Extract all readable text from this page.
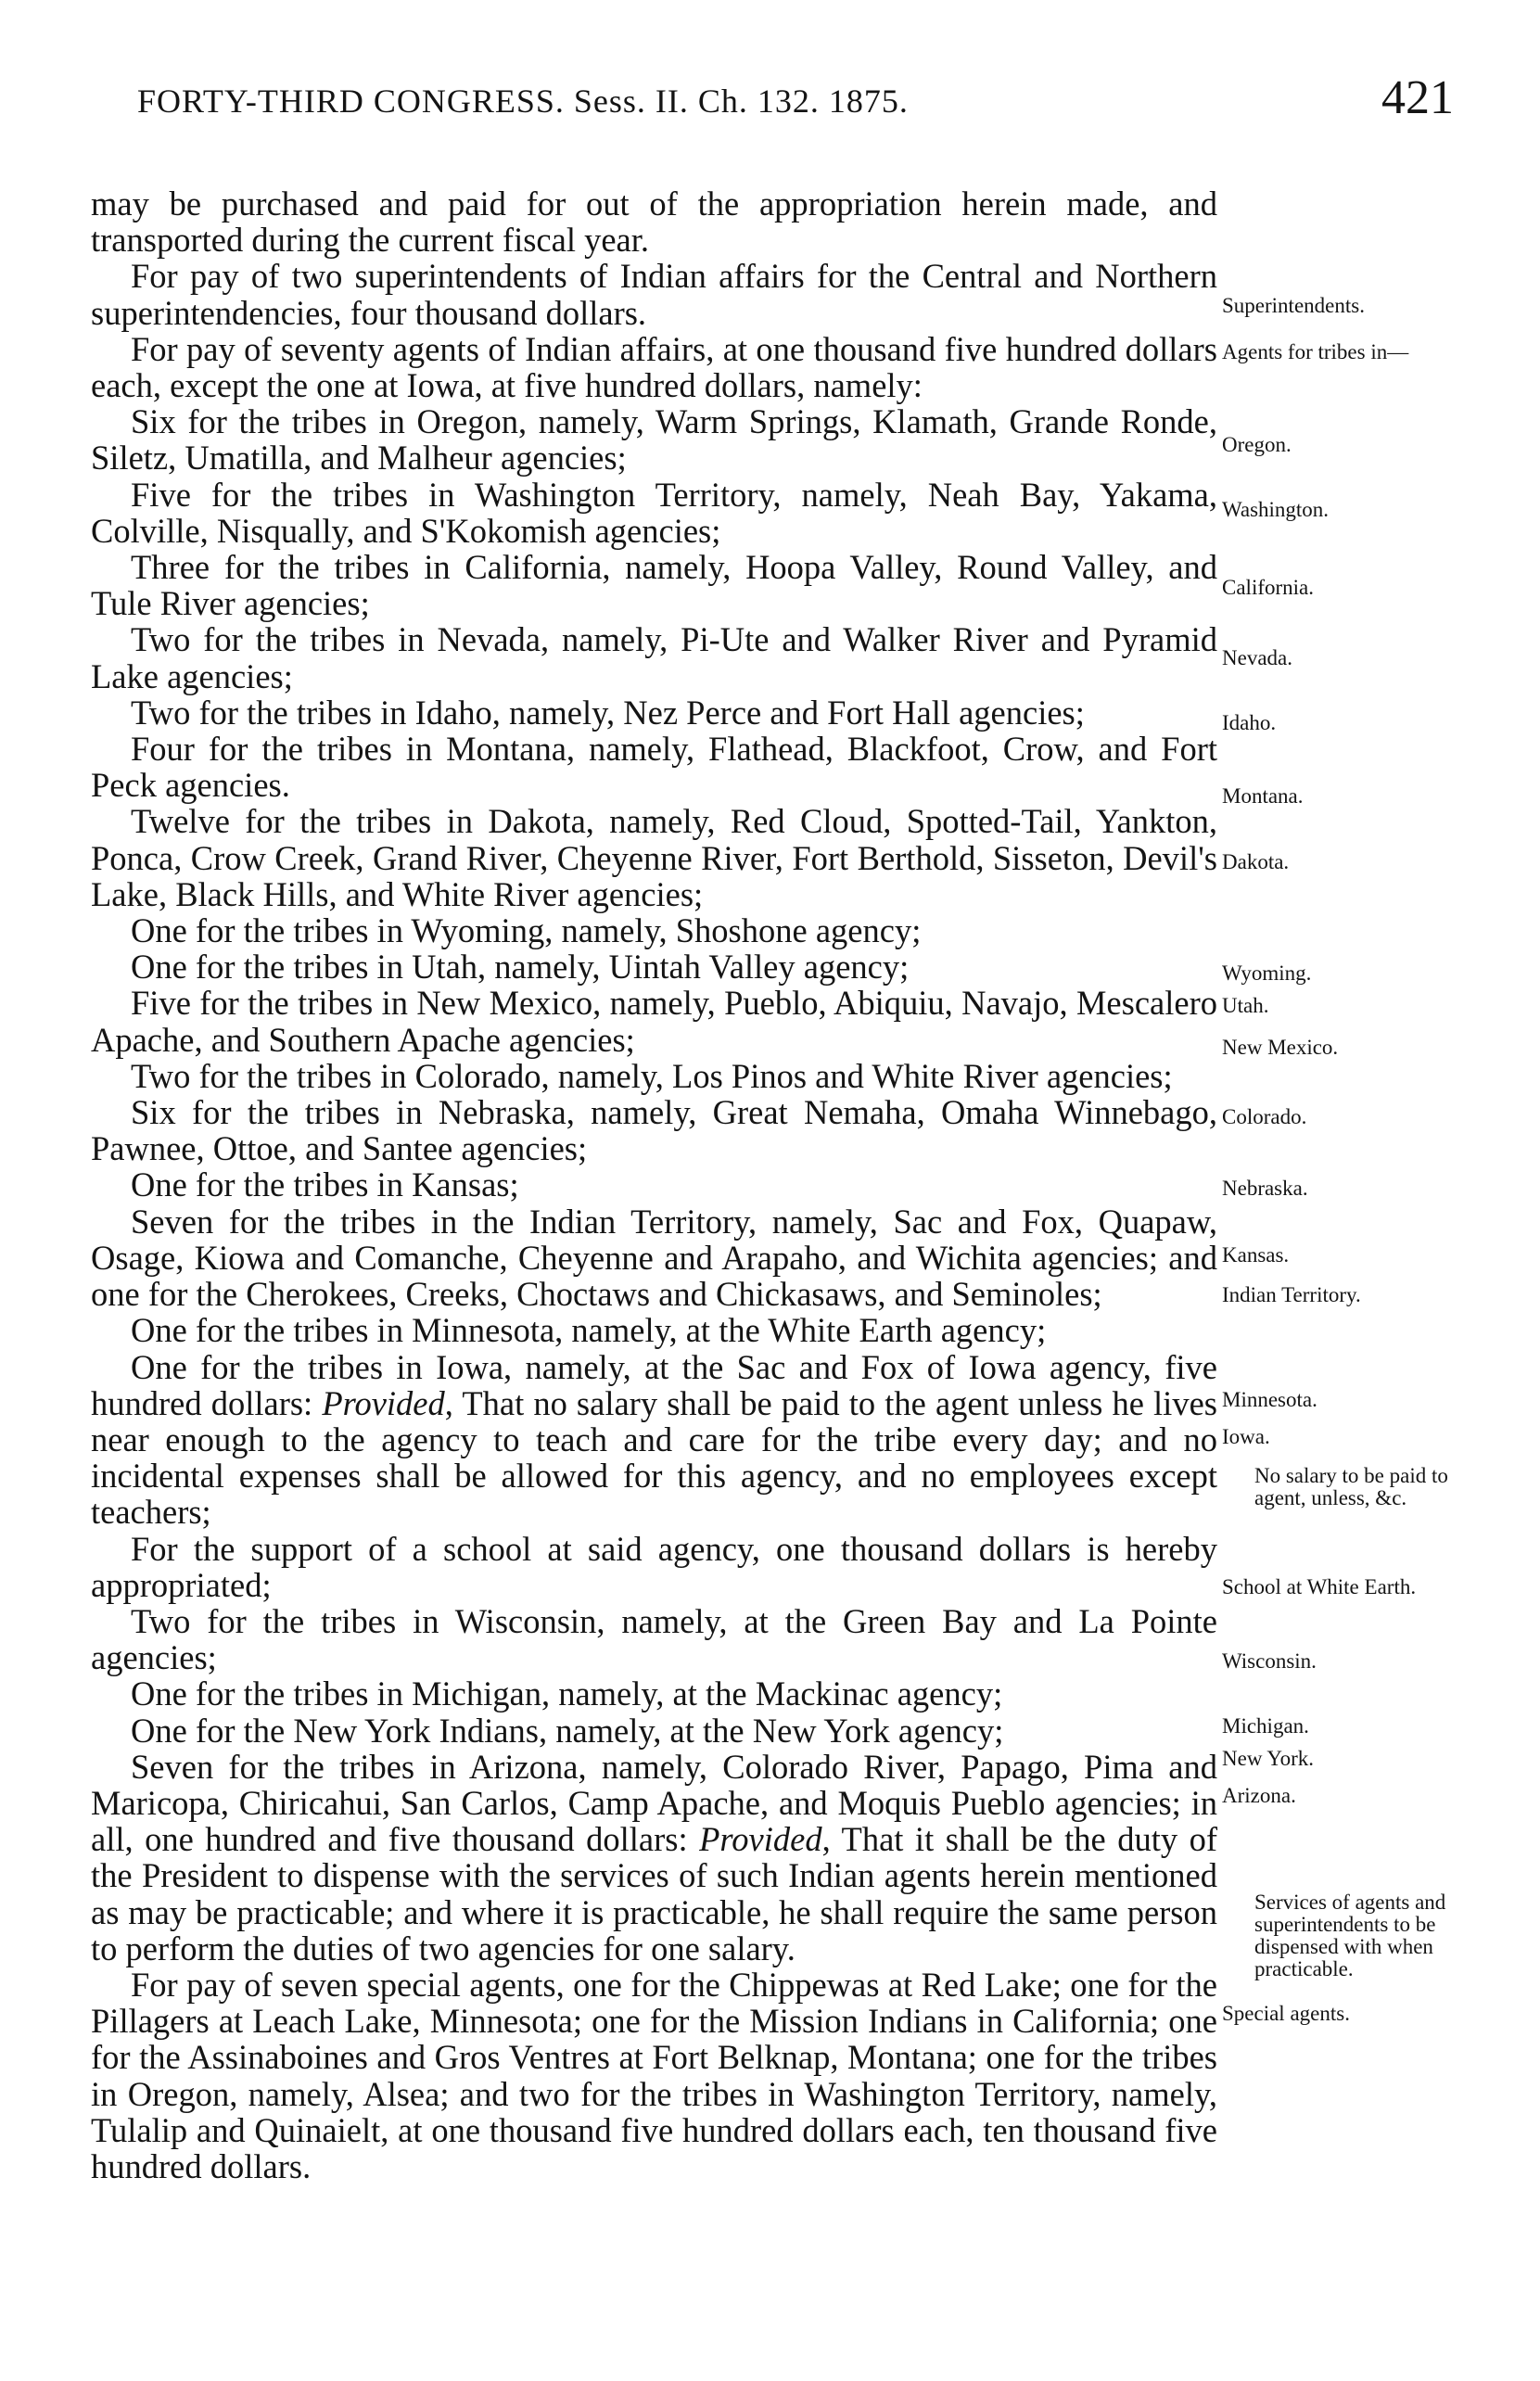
FORTY-THIRD CONGRESS. Sess. II. Ch. 132. 1875.	421

may be purchased and paid for out of the appropriation herein made, and transported during the current fiscal year.

For pay of two superintendents of Indian affairs for the Central and Northern superintendencies, four thousand dollars.

For pay of seventy agents of Indian affairs, at one thousand five hundred dollars each, except the one at Iowa, at five hundred dollars, namely:

Six for the tribes in Oregon, namely, Warm Springs, Klamath, Grande Ronde, Siletz, Umatilla, and Malheur agencies;

Five for the tribes in Washington Territory, namely, Neah Bay, Yakama, Colville, Nisqually, and S'Kokomish agencies;

Three for the tribes in California, namely, Hoopa Valley, Round Valley, and Tule River agencies;

Two for the tribes in Nevada, namely, Pi-Ute and Walker River and Pyramid Lake agencies;

Two for the tribes in Idaho, namely, Nez Perce and Fort Hall agencies;

Four for the tribes in Montana, namely, Flathead, Blackfoot, Crow, and Fort Peck agencies.

Twelve for the tribes in Dakota, namely, Red Cloud, Spotted-Tail, Yankton, Ponca, Crow Creek, Grand River, Cheyenne River, Fort Berthold, Sisseton, Devil's Lake, Black Hills, and White River agencies;

One for the tribes in Wyoming, namely, Shoshone agency;

One for the tribes in Utah, namely, Uintah Valley agency;

Five for the tribes in New Mexico, namely, Pueblo, Abiquiu, Navajo, Mescalero Apache, and Southern Apache agencies;

Two for the tribes in Colorado, namely, Los Pinos and White River agencies;

Six for the tribes in Nebraska, namely, Great Nemaha, Omaha Winnebago, Pawnee, Ottoe, and Santee agencies;

One for the tribes in Kansas;

Seven for the tribes in the Indian Territory, namely, Sac and Fox, Quapaw, Osage, Kiowa and Comanche, Cheyenne and Arapaho, and Wichita agencies; and one for the Cherokees, Creeks, Choctaws and Chickasaws, and Seminoles;

One for the tribes in Minnesota, namely, at the White Earth agency;

One for the tribes in Iowa, namely, at the Sac and Fox of Iowa agency, five hundred dollars: Provided, That no salary shall be paid to the agent unless he lives near enough to the agency to teach and care for the tribe every day; and no incidental expenses shall be allowed for this agency, and no employees except teachers;

For the support of a school at said agency, one thousand dollars is hereby appropriated;

Two for the tribes in Wisconsin, namely, at the Green Bay and La Pointe agencies;

One for the tribes in Michigan, namely, at the Mackinac agency;

One for the New York Indians, namely, at the New York agency;

Seven for the tribes in Arizona, namely, Colorado River, Papago, Pima and Maricopa, Chiricahui, San Carlos, Camp Apache, and Moquis Pueblo agencies; in all, one hundred and five thousand dollars: Provided, That it shall be the duty of the President to dispense with the services of such Indian agents herein mentioned as may be practicable; and where it is practicable, he shall require the same person to perform the duties of two agencies for one salary.

For pay of seven special agents, one for the Chippewas at Red Lake; one for the Pillagers at Leach Lake, Minnesota; one for the Mission Indians in California; one for the Assinaboines and Gros Ventres at Fort Belknap, Montana; one for the tribes in Oregon, namely, Alsea; and two for the tribes in Washington Territory, namely, Tulalip and Quinaielt, at one thousand five hundred dollars each, ten thousand five hundred dollars.

Superintendents.
Agents for tribes in—
Oregon.
Washington.
California.
Nevada.
Idaho.
Montana.
Dakota.
Wyoming.
Utah.
New Mexico.
Colorado.
Nebraska.
Kansas.
Indian Territory.
Minnesota.
Iowa.
No salary to be paid to agent, unless, &c.
School at White Earth.
Wisconsin.
Michigan.
New York.
Arizona.
Services of agents and superintendents to be dispensed with when practicable.
Special agents.
